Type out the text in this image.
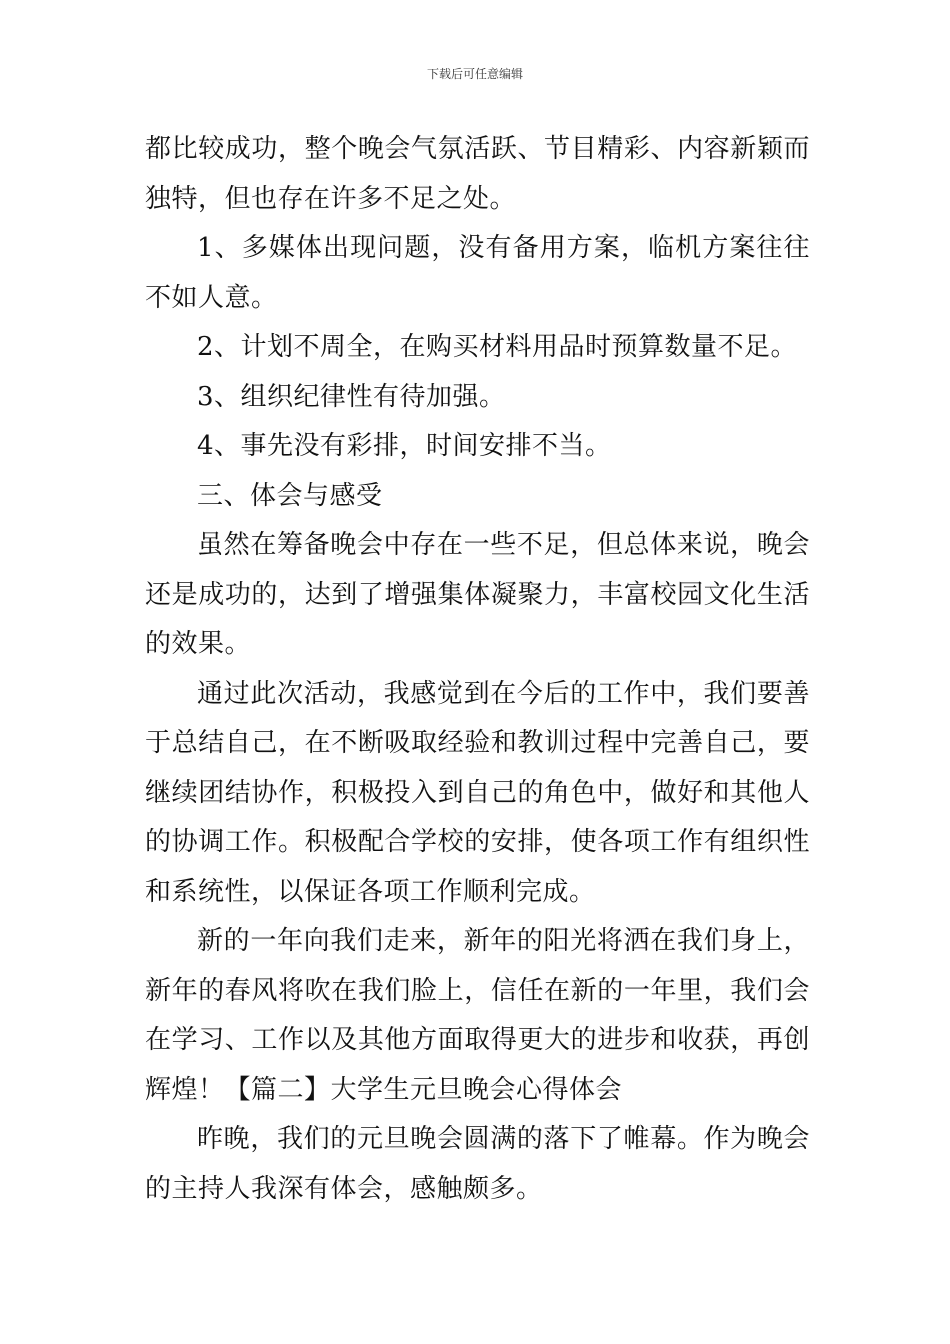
下载后可任意编辑

都比较成功，整个晚会气氛活跃、节目精彩、内容新颖而独特，但也存在许多不足之处。

1、多媒体出现问题，没有备用方案，临机方案往往不如人意。

2、计划不周全，在购买材料用品时预算数量不足。

3、组织纪律性有待加强。

4、事先没有彩排，时间安排不当。

三、体会与感受

虽然在筹备晚会中存在一些不足，但总体来说，晚会还是成功的，达到了增强集体凝聚力，丰富校园文化生活的效果。

通过此次活动，我感觉到在今后的工作中，我们要善于总结自己，在不断吸取经验和教训过程中完善自己，要继续团结协作，积极投入到自己的角色中，做好和其他人的协调工作。积极配合学校的安排，使各项工作有组织性和系统性，以保证各项工作顺利完成。

新的一年向我们走来，新年的阳光将洒在我们身上，新年的春风将吹在我们脸上，信任在新的一年里，我们会在学习、工作以及其他方面取得更大的进步和收获，再创辉煌！【篇二】大学生元旦晚会心得体会

昨晚，我们的元旦晚会圆满的落下了帷幕。作为晚会的主持人我深有体会，感触颇多。
